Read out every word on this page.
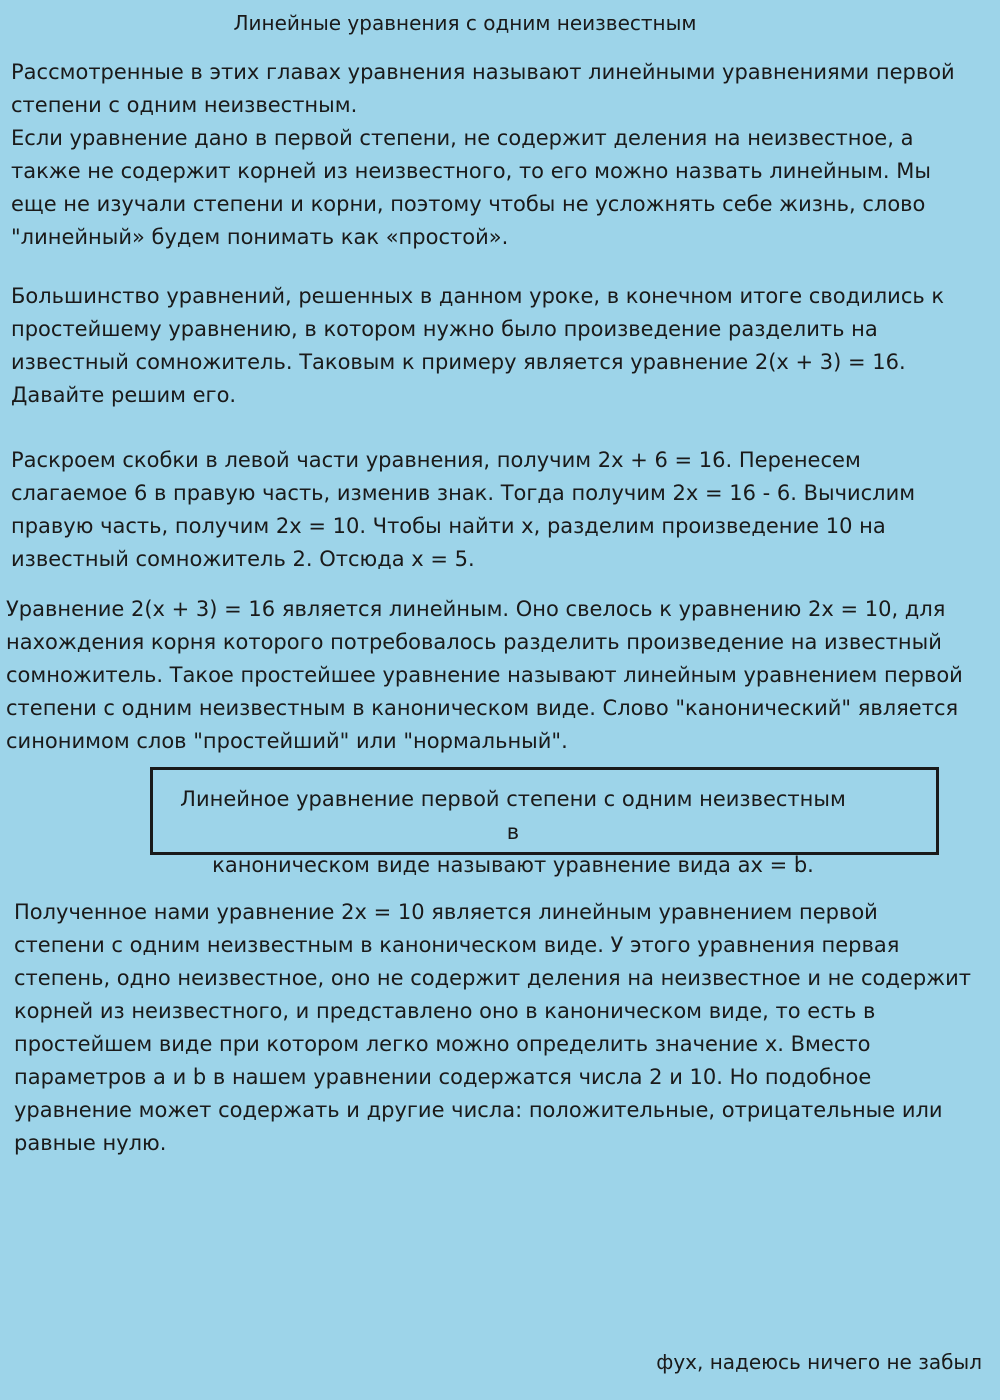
Линейные уравнения с одним неизвестным
Рассмотренные в этих главах уравнения называют линейными уравнениями первой
степени с одним неизвестным.
Если уравнение дано в первой степени, не содержит деления на неизвестное, а
также не содержит корней из неизвестного, то его можно назвать линейным. Мы
еще не изучали степени и корни, поэтому чтобы не усложнять себе жизнь, слово
"линейный» будем понимать как «простой».
Большинство уравнений, решенных в данном уроке, в конечном итоге сводились к
простейшему уравнению, в котором нужно было произведение разделить на
известный сомножитель. Таковым к примеру является уравнение 2(x + 3) = 16.
Давайте решим его.
Раскроем скобки в левой части уравнения, получим 2x + 6 = 16. Перенесем
слагаемое 6 в правую часть, изменив знак. Тогда получим 2x = 16 - 6. Вычислим
правую часть, получим 2x = 10. Чтобы найти x, разделим произведение 10 на
известный сомножитель 2. Отсюда x = 5.
Уравнение 2(x + 3) = 16 является линейным. Оно свелось к уравнению 2x = 10, для
нахождения корня которого потребовалось разделить произведение на известный
сомножитель. Такое простейшее уравнение называют линейным уравнением первой
степени с одним неизвестным в каноническом виде. Слово "канонический" является
синонимом слов "простейший" или "нормальный".
Линейное уравнение первой степени с одним неизвестным в
каноническом виде называют уравнение вида ax = b.
Полученное нами уравнение 2x = 10 является линейным уравнением первой
степени с одним неизвестным в каноническом виде. У этого уравнения первая
степень, одно неизвестное, оно не содержит деления на неизвестное и не содержит
корней из неизвестного, и представлено оно в каноническом виде, то есть в
простейшем виде при котором легко можно определить значение x. Вместо
параметров a и b в нашем уравнении содержатся числа 2 и 10. Но подобное
уравнение может содержать и другие числа: положительные, отрицательные или
равные нулю.
фух, надеюсь ничего не забыл
